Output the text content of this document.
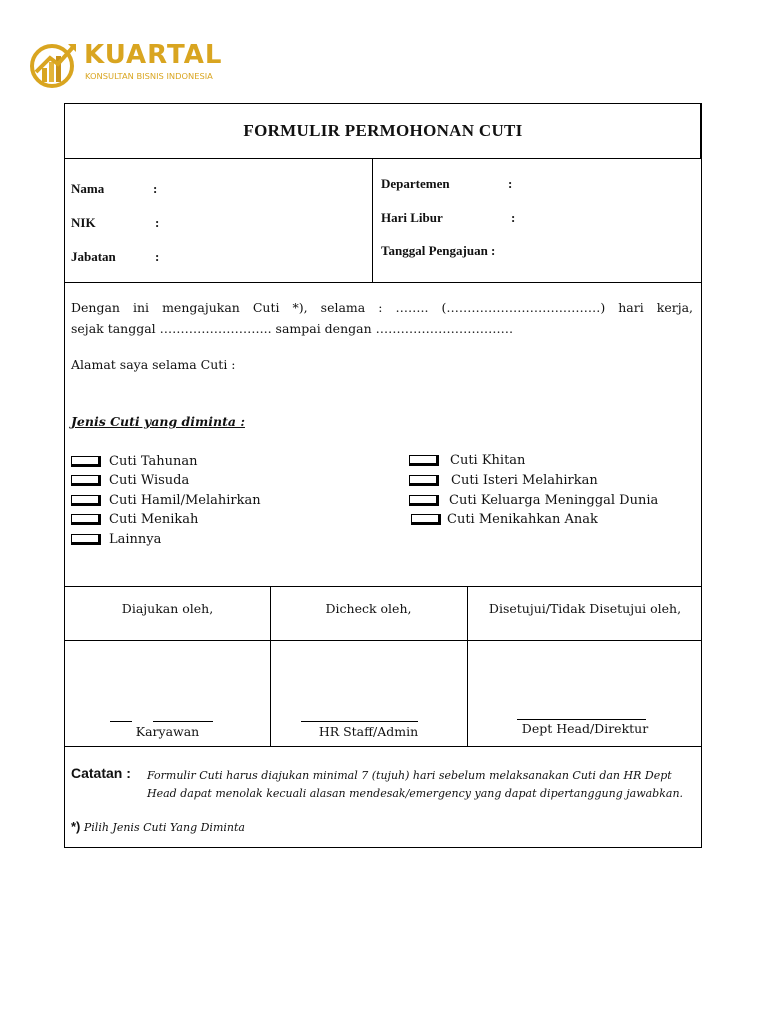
KUARTAL
KONSULTAN BISNIS INDONESIA
FORMULIR PERMOHONAN CUTI
Nama	:
NIK	:
Jabatan	:
Departemen	:
Hari Libur	:
Tanggal Pengajuan :
Dengan ini mengajukan Cuti *), selama : …….. (……………………….………) hari kerja,
sejak tanggal ……………………... sampai dengan ……………………………
Alamat saya selama Cuti :
Jenis Cuti yang diminta :
Cuti Tahunan
Cuti Wisuda
Cuti Hamil/Melahirkan
Cuti Menikah
Lainnya
Cuti Khitan
Cuti Isteri Melahirkan
Cuti Keluarga Meninggal Dunia
Cuti Menikahkan Anak
Diajukan oleh,	Dicheck oleh,	Disetujui/Tidak Disetujui oleh,
Karyawan	HR Staff/Admin	Dept Head/Direktur
Catatan : Formulir Cuti harus diajukan minimal 7 (tujuh) hari sebelum melaksanakan Cuti dan HR Dept Head dapat menolak kecuali alasan mendesak/emergency yang dapat dipertanggung jawabkan.
*) Pilih Jenis Cuti Yang Diminta
